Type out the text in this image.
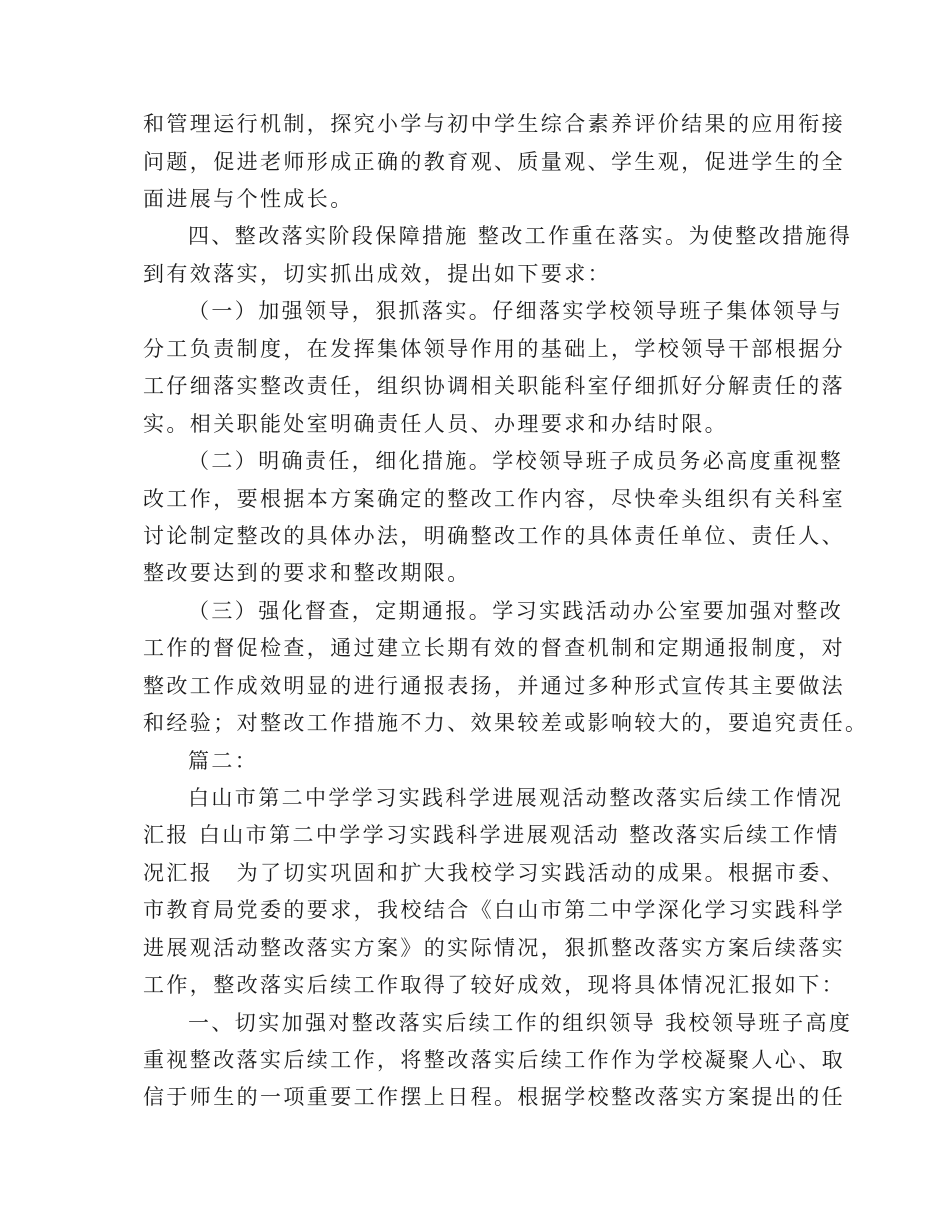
和管理运行机制，探究小学与初中学生综合素养评价结果的应用衔接
问题，促进老师形成正确的教育观、质量观、学生观，促进学生的全
面进展与个性成长。
四、整改落实阶段保障措施 整改工作重在落实。为使整改措施得
到有效落实，切实抓出成效，提出如下要求：
（一）加强领导，狠抓落实。仔细落实学校领导班子集体领导与
分工负责制度，在发挥集体领导作用的基础上，学校领导干部根据分
工仔细落实整改责任，组织协调相关职能科室仔细抓好分解责任的落
实。相关职能处室明确责任人员、办理要求和办结时限。
（二）明确责任，细化措施。学校领导班子成员务必高度重视整
改工作，要根据本方案确定的整改工作内容，尽快牵头组织有关科室
讨论制定整改的具体办法，明确整改工作的具体责任单位、责任人、
整改要达到的要求和整改期限。
（三）强化督查，定期通报。学习实践活动办公室要加强对整改
工作的督促检查，通过建立长期有效的督查机制和定期通报制度，对
整改工作成效明显的进行通报表扬，并通过多种形式宣传其主要做法
和经验；对整改工作措施不力、效果较差或影响较大的，要追究责任。
篇二：
白山市第二中学学习实践科学进展观活动整改落实后续工作情况
汇报 白山市第二中学学习实践科学进展观活动 整改落实后续工作情
况汇报　为了切实巩固和扩大我校学习实践活动的成果。根据市委、
市教育局党委的要求，我校结合《白山市第二中学深化学习实践科学
进展观活动整改落实方案》的实际情况，狠抓整改落实方案后续落实
工作，整改落实后续工作取得了较好成效，现将具体情况汇报如下：
一、切实加强对整改落实后续工作的组织领导 我校领导班子高度
重视整改落实后续工作，将整改落实后续工作作为学校凝聚人心、取
信于师生的一项重要工作摆上日程。根据学校整改落实方案提出的任
